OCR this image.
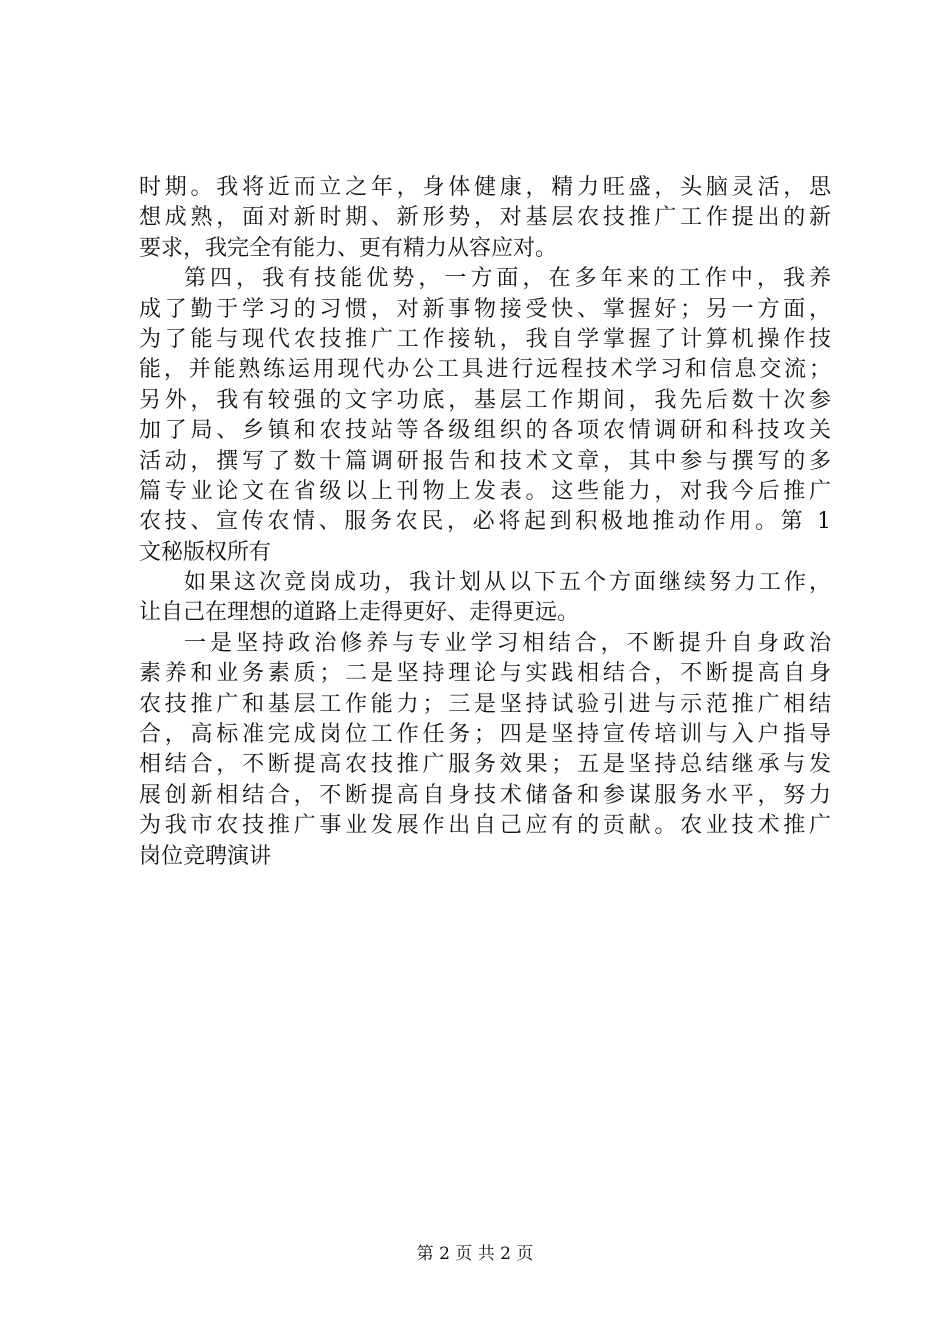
时期。我将近而立之年，身体健康，精力旺盛，头脑灵活，思
想成熟，面对新时期、新形势，对基层农技推广工作提出的新
要求，我完全有能力、更有精力从容应对。
第四，我有技能优势，一方面，在多年来的工作中，我养
成了勤于学习的习惯，对新事物接受快、掌握好；另一方面，
为了能与现代农技推广工作接轨，我自学掌握了计算机操作技
能，并能熟练运用现代办公工具进行远程技术学习和信息交流；
另外，我有较强的文字功底，基层工作期间，我先后数十次参
加了局、乡镇和农技站等各级组织的各项农情调研和科技攻关
活动，撰写了数十篇调研报告和技术文章，其中参与撰写的多
篇专业论文在省级以上刊物上发表。这些能力，对我今后推广
农技、宣传农情、服务农民，必将起到积极地推动作用。第 1
文秘版权所有
如果这次竞岗成功，我计划从以下五个方面继续努力工作，
让自己在理想的道路上走得更好、走得更远。
一是坚持政治修养与专业学习相结合，不断提升自身政治
素养和业务素质；二是坚持理论与实践相结合，不断提高自身
农技推广和基层工作能力；三是坚持试验引进与示范推广相结
合，高标准完成岗位工作任务；四是坚持宣传培训与入户指导
相结合，不断提高农技推广服务效果；五是坚持总结继承与发
展创新相结合，不断提高自身技术储备和参谋服务水平，努力
为我市农技推广事业发展作出自己应有的贡献。农业技术推广
岗位竞聘演讲
第 2 页 共 2 页
